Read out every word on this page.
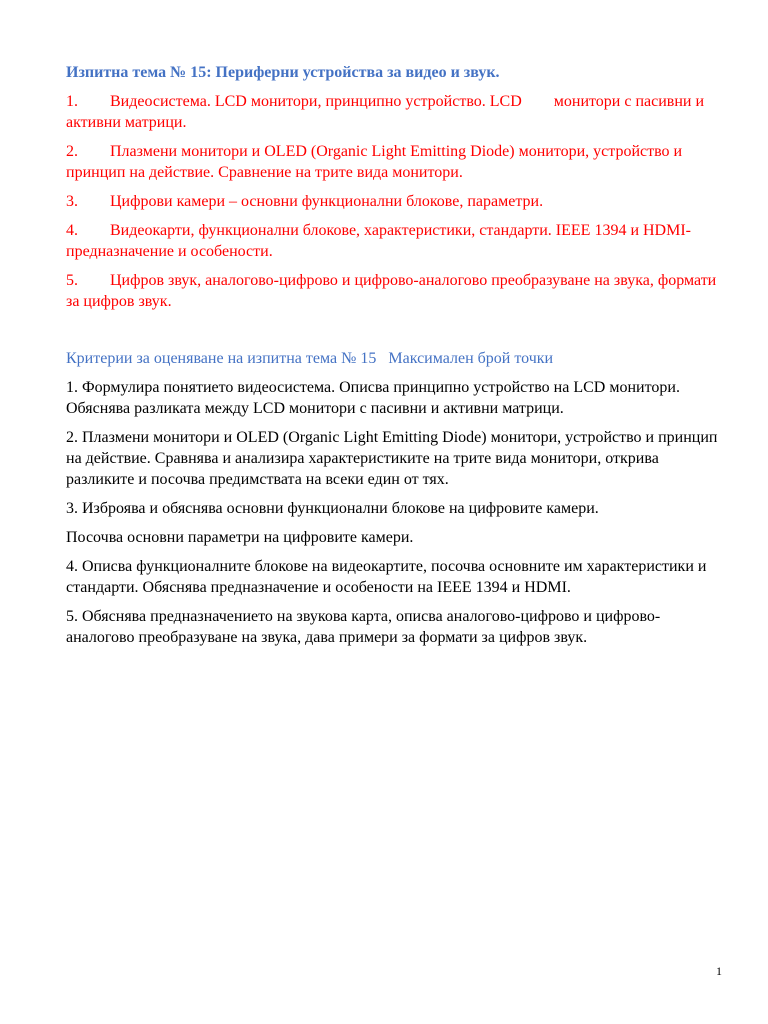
Изпитна тема № 15: Периферни устройства за видео и звук.

1. Видеосистема. LCD монитори, принципно устройство. LCD  монитори с пасивни и активни матрици.
2. Плазмени монитори и OLED (Organic Light Emitting Diode) монитори, устройство и принцип на действие. Сравнение на трите вида монитори.
3. Цифрови камери – основни функционални блокове, параметри.
4. Видеокарти, функционални блокове, характеристики, стандарти. IEEE 1394 и HDMI- предназначение и особености.
5. Цифров звук, аналогово-цифрово и цифрово-аналогово преобразуване на звука, формати за цифров звук.

Критерии за оценяване на изпитна тема № 15 Максимален брой точки

1. Формулира понятието видеосистема. Описва принципно устройство на LCD монитори. Обяснява разликата между LCD монитори с пасивни и активни матрици.

2. Плазмени монитори и OLED (Organic Light Emitting Diode) монитори, устройство и принцип на действие. Сравнява и анализира характеристиките на трите вида монитори, открива разликите и посочва предимствата на всеки един от тях.

3. Изброява и обяснява основни функционални блокове на цифровите камери.

Посочва основни параметри на цифровите камери.

4. Описва функционалните блокове на видеокартите, посочва основните им характеристики и стандарти. Обяснява предназначение и особености на IEEE 1394 и HDMI.

5. Обяснява предназначението на звукова карта, описва аналогово-цифрово и цифрово-аналогово преобразуване на звука, дава примери за формати за цифров звук.

1
